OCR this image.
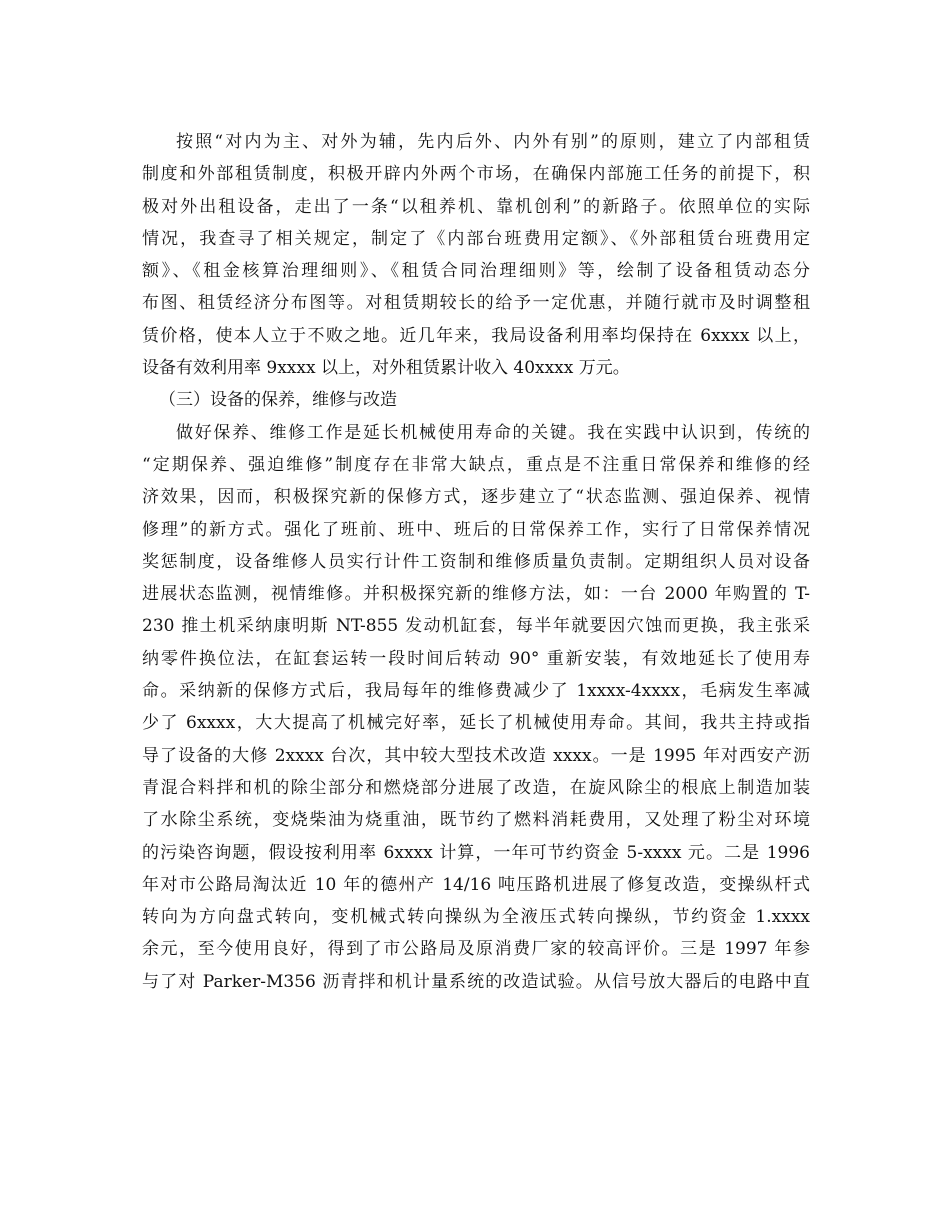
按照“对内为主、对外为辅，先内后外、内外有别”的原则，建立了内部租赁
制度和外部租赁制度，积极开辟内外两个市场，在确保内部施工任务的前提下，积
极对外出租设备，走出了一条“以租养机、靠机创利”的新路子。依照单位的实际
情况，我查寻了相关规定，制定了《内部台班费用定额》、《外部租赁台班费用定
额》、《租金核算治理细则》、《租赁合同治理细则》等，绘制了设备租赁动态分
布图、租赁经济分布图等。对租赁期较长的给予一定优惠，并随行就市及时调整租
赁价格，使本人立于不败之地。近几年来，我局设备利用率均保持在 6xxxx 以上，
设备有效利用率 9xxxx 以上，对外租赁累计收入 40xxxx 万元。
（三）设备的保养，维修与改造
做好保养、维修工作是延长机械使用寿命的关键。我在实践中认识到，传统的
“定期保养、强迫维修”制度存在非常大缺点，重点是不注重日常保养和维修的经
济效果，因而，积极探究新的保修方式，逐步建立了“状态监测、强迫保养、视情
修理”的新方式。强化了班前、班中、班后的日常保养工作，实行了日常保养情况
奖惩制度，设备维修人员实行计件工资制和维修质量负责制。定期组织人员对设备
进展状态监测，视情维修。并积极探究新的维修方法，如：一台 2000 年购置的 T-
230 推土机采纳康明斯 NT-855 发动机缸套，每半年就要因穴蚀而更换，我主张采
纳零件换位法，在缸套运转一段时间后转动 90° 重新安装，有效地延长了使用寿
命。采纳新的保修方式后，我局每年的维修费减少了 1xxxx-4xxxx，毛病发生率减
少了 6xxxx，大大提高了机械完好率，延长了机械使用寿命。其间，我共主持或指
导了设备的大修 2xxxx 台次，其中较大型技术改造 xxxx。一是 1995 年对西安产沥
青混合料拌和机的除尘部分和燃烧部分进展了改造，在旋风除尘的根底上制造加装
了水除尘系统，变烧柴油为烧重油，既节约了燃料消耗费用，又处理了粉尘对环境
的污染咨询题，假设按利用率 6xxxx 计算，一年可节约资金 5-xxxx 元。二是 1996
年对市公路局淘汰近 10 年的德州产 14/16 吨压路机进展了修复改造，变操纵杆式
转向为方向盘式转向，变机械式转向操纵为全液压式转向操纵，节约资金 1.xxxx
余元，至今使用良好，得到了市公路局及原消费厂家的较高评价。三是 1997 年参
与了对 Parker-M356 沥青拌和机计量系统的改造试验。从信号放大器后的电路中直
